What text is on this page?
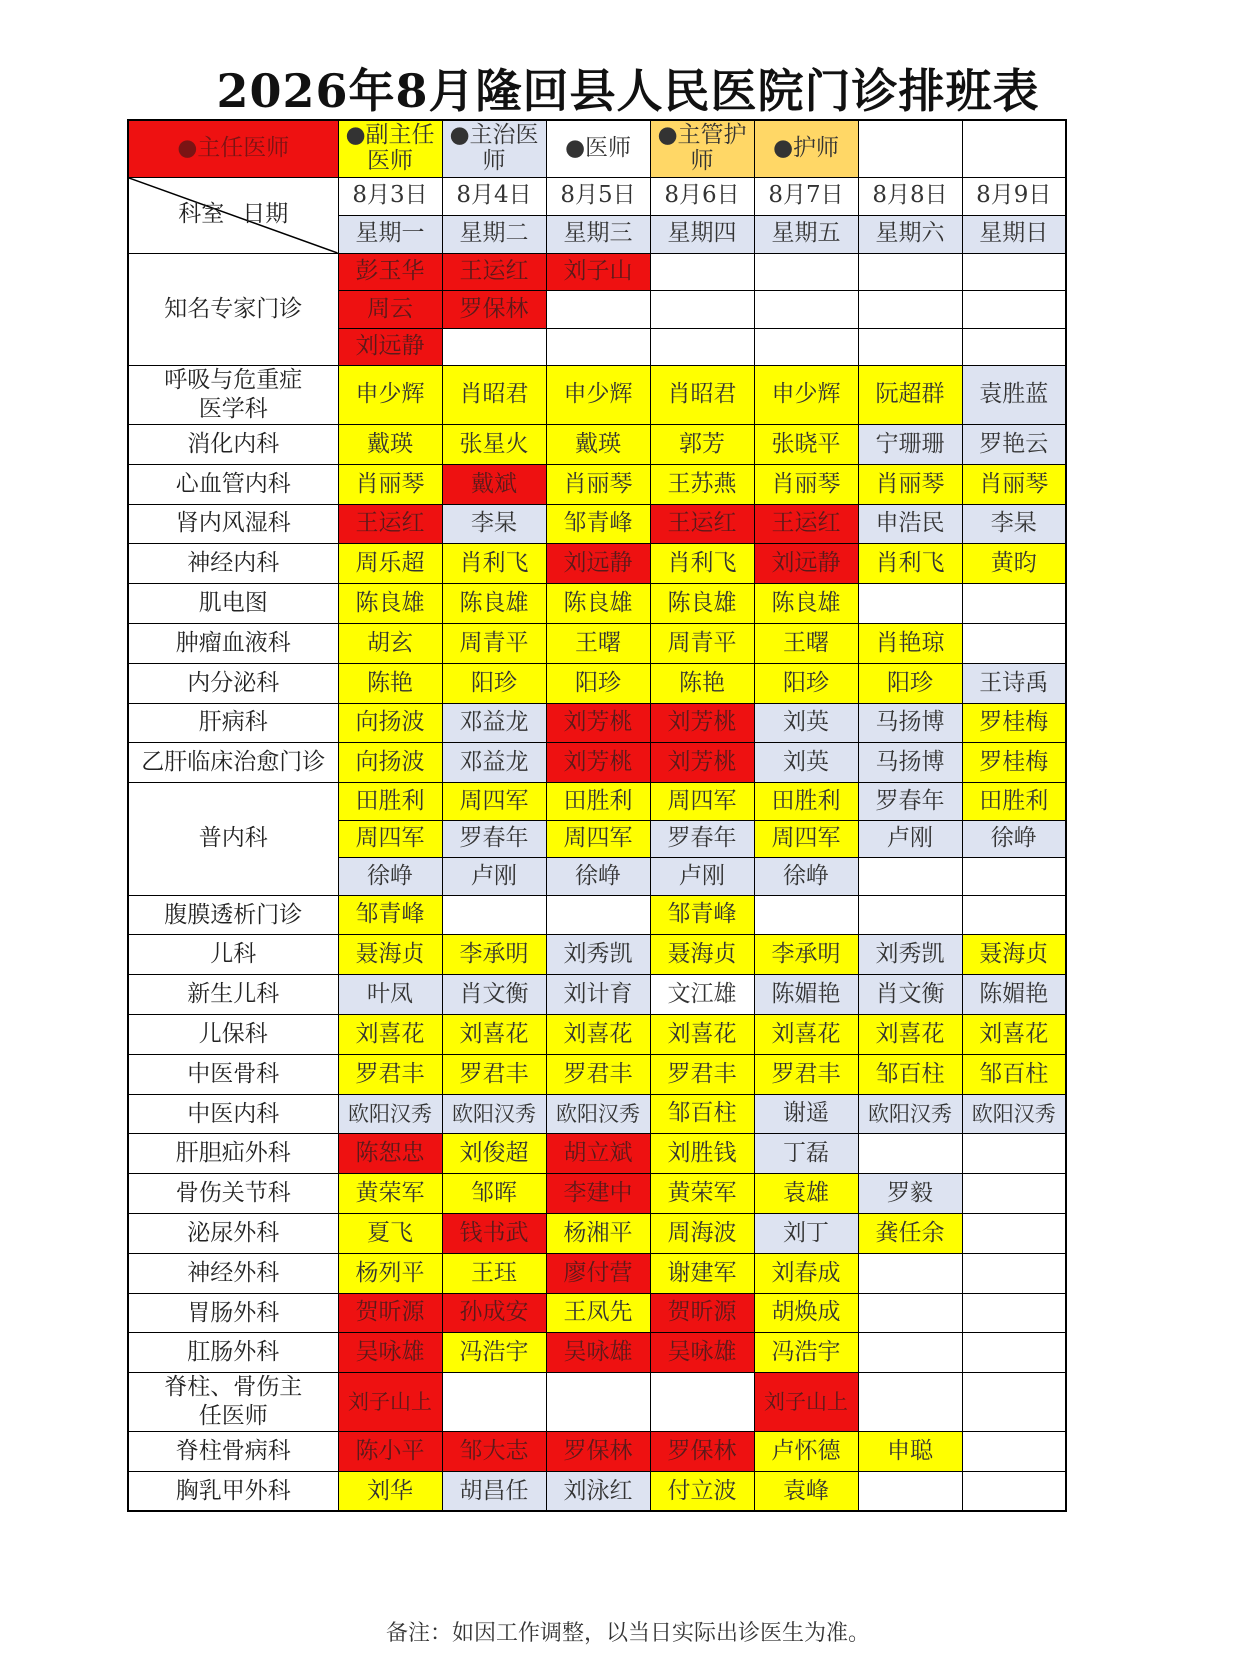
2026年8月隆回县人民医院门诊排班表
●主任医师	●副主任医师	●主治医师	●医师	●主管护师	●护师		

科室 日期	8月3日	8月4日	8月5日	8月6日	8月7日	8月8日	8月9日
	星期一	星期二	星期三	星期四	星期五	星期六	星期日
知名专家门诊	彭玉华	王运红	刘子山				
	周云	罗保林					
	刘远静						
呼吸与危重症医学科	申少辉	肖昭君	申少辉	肖昭君	申少辉	阮超群	袁胜蓝
消化内科	戴瑛	张星火	戴瑛	郭芳	张晓平	宁珊珊	罗艳云
心血管内科	肖丽琴	戴斌	肖丽琴	王苏燕	肖丽琴	肖丽琴	肖丽琴
肾内风湿科	王运红	李杲	邹青峰	王运红	王运红	申浩民	李杲
神经内科	周乐超	肖利飞	刘远静	肖利飞	刘远静	肖利飞	黄昀
肌电图	陈良雄	陈良雄	陈良雄	陈良雄	陈良雄		
肿瘤血液科	胡玄	周青平	王曙	周青平	王曙	肖艳琼	
内分泌科	陈艳	阳珍	阳珍	陈艳	阳珍	阳珍	王诗禹
肝病科	向扬波	邓益龙	刘芳桃	刘芳桃	刘英	马扬博	罗桂梅
乙肝临床治愈门诊	向扬波	邓益龙	刘芳桃	刘芳桃	刘英	马扬博	罗桂梅
普内科	田胜利	周四军	田胜利	周四军	田胜利	罗春年	田胜利
	周四军	罗春年	周四军	罗春年	周四军	卢刚	徐峥
	徐峥	卢刚	徐峥	卢刚	徐峥		
腹膜透析门诊	邹青峰			邹青峰			
儿科	聂海贞	李承明	刘秀凯	聂海贞	李承明	刘秀凯	聂海贞
新生儿科	叶凤	肖文衡	刘计育	文江雄	陈媚艳	肖文衡	陈媚艳
儿保科	刘喜花	刘喜花	刘喜花	刘喜花	刘喜花	刘喜花	刘喜花
中医骨科	罗君丰	罗君丰	罗君丰	罗君丰	罗君丰	邹百柱	邹百柱
中医内科	欧阳汉秀	欧阳汉秀	欧阳汉秀	邹百柱	谢遥	欧阳汉秀	欧阳汉秀
肝胆疝外科	陈恕忠	刘俊超	胡立斌	刘胜钱	丁磊		
骨伤关节科	黄荣军	邹晖	李建中	黄荣军	袁雄	罗毅	
泌尿外科	夏飞	钱书武	杨湘平	周海波	刘丁	龚任余	
神经外科	杨列平	王珏	廖付营	谢建军	刘春成		
胃肠外科	贺昕源	孙成安	王凤先	贺昕源	胡焕成		
肛肠外科	吴咏雄	冯浩宇	吴咏雄	吴咏雄	冯浩宇		
脊柱、骨伤主任医师	刘子山上				刘子山上		
脊柱骨病科	陈小平	邹大志	罗保林	罗保林	卢怀德	申聪	
胸乳甲外科	刘华	胡昌任	刘泳红	付立波	袁峰		
备注：如因工作调整，以当日实际出诊医生为准。
